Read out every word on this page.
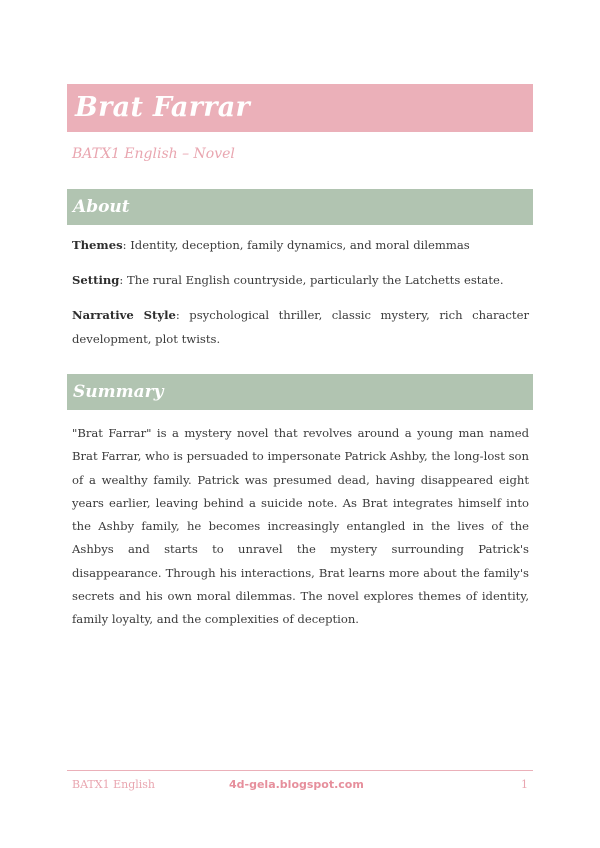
Brat Farrar
BATX1 English – Novel
About

Themes: Identity, deception, family dynamics, and moral dilemmas

Setting: The rural English countryside, particularly the Latchetts estate.

Narrative Style: psychological thriller, classic mystery, rich character development, plot twists.

Summary

"Brat Farrar" is a mystery novel that revolves around a young man named Brat Farrar, who is persuaded to impersonate Patrick Ashby, the long-lost son of a wealthy family. Patrick was presumed dead, having disappeared eight years earlier, leaving behind a suicide note. As Brat integrates himself into the Ashby family, he becomes increasingly entangled in the lives of the Ashbys and starts to unravel the mystery surrounding Patrick's disappearance. Through his interactions, Brat learns more about the family's secrets and his own moral dilemmas. The novel explores themes of identity, family loyalty, and the complexities of deception.

BATX1 English	4d-gela.blogspot.com	1
